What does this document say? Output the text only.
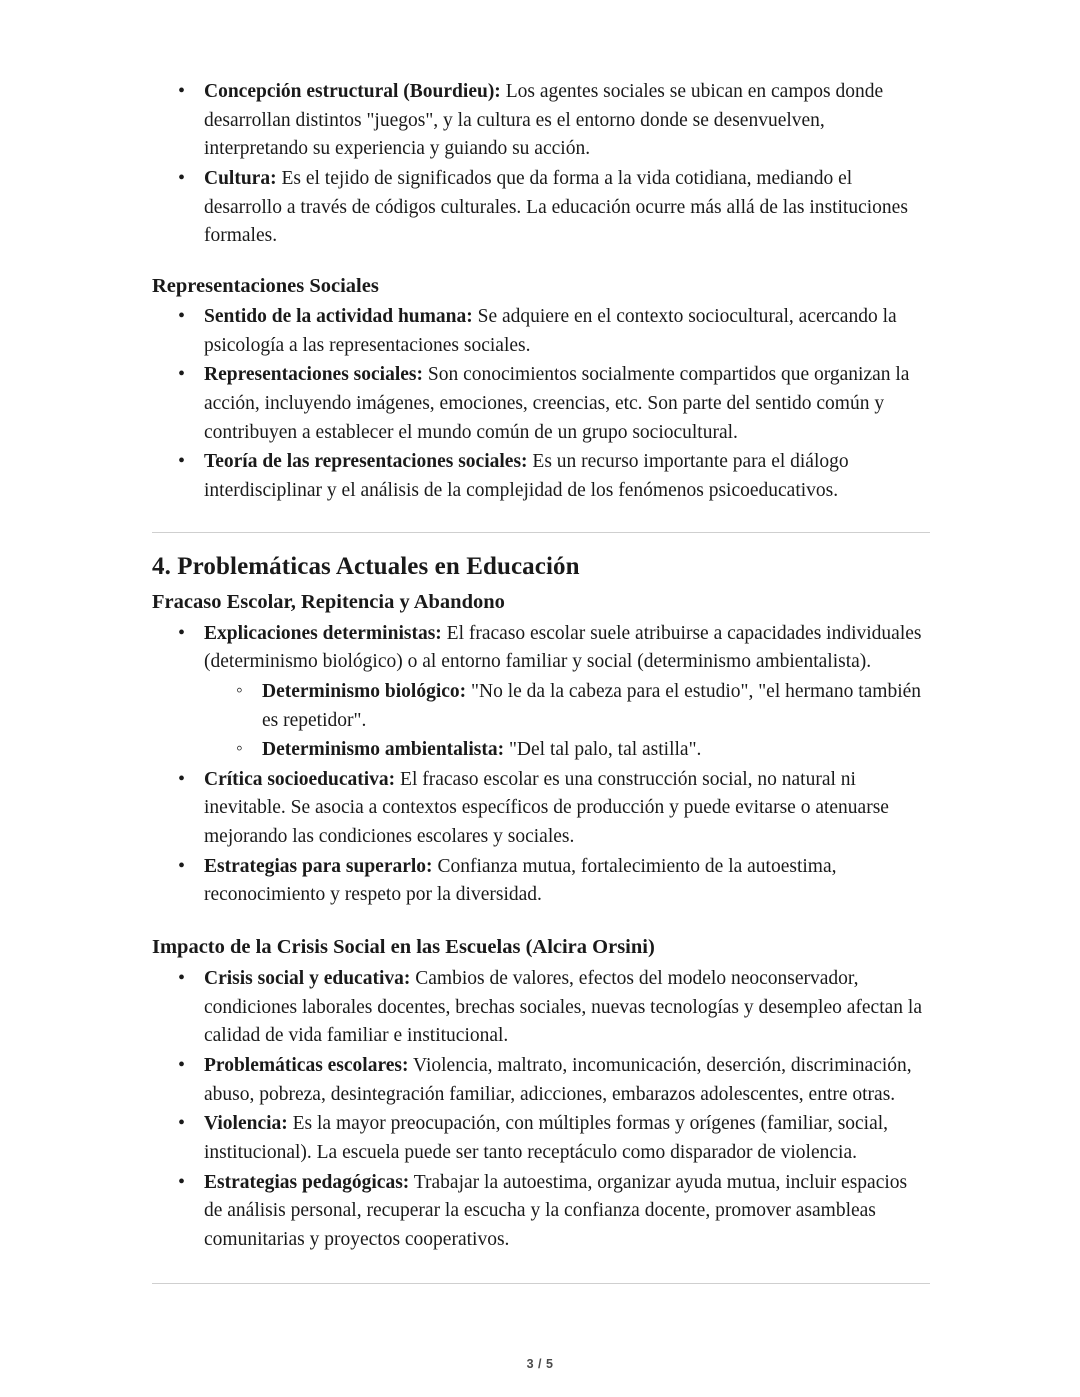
• Concepción estructural (Bourdieu): Los agentes sociales se ubican en campos donde desarrollan distintos "juegos", y la cultura es el entorno donde se desenvuelven, interpretando su experiencia y guiando su acción.
• Cultura: Es el tejido de significados que da forma a la vida cotidiana, mediando el desarrollo a través de códigos culturales. La educación ocurre más allá de las instituciones formales.
Representaciones Sociales
• Sentido de la actividad humana: Se adquiere en el contexto sociocultural, acercando la psicología a las representaciones sociales.
• Representaciones sociales: Son conocimientos socialmente compartidos que organizan la acción, incluyendo imágenes, emociones, creencias, etc. Son parte del sentido común y contribuyen a establecer el mundo común de un grupo sociocultural.
• Teoría de las representaciones sociales: Es un recurso importante para el diálogo interdisciplinar y el análisis de la complejidad de los fenómenos psicoeducativos.
4. Problemáticas Actuales en Educación
Fracaso Escolar, Repitencia y Abandono
• Explicaciones deterministas: El fracaso escolar suele atribuirse a capacidades individuales (determinismo biológico) o al entorno familiar y social (determinismo ambientalista).
◦ Determinismo biológico: "No le da la cabeza para el estudio", "el hermano también es repetidor".
◦ Determinismo ambientalista: "Del tal palo, tal astilla".
• Crítica socioeducativa: El fracaso escolar es una construcción social, no natural ni inevitable. Se asocia a contextos específicos de producción y puede evitarse o atenuarse mejorando las condiciones escolares y sociales.
• Estrategias para superarlo: Confianza mutua, fortalecimiento de la autoestima, reconocimiento y respeto por la diversidad.
Impacto de la Crisis Social en las Escuelas (Alcira Orsini)
• Crisis social y educativa: Cambios de valores, efectos del modelo neoconservador, condiciones laborales docentes, brechas sociales, nuevas tecnologías y desempleo afectan la calidad de vida familiar e institucional.
• Problemáticas escolares: Violencia, maltrato, incomunicación, deserción, discriminación, abuso, pobreza, desintegración familiar, adicciones, embarazos adolescentes, entre otras.
• Violencia: Es la mayor preocupación, con múltiples formas y orígenes (familiar, social, institucional). La escuela puede ser tanto receptáculo como disparador de violencia.
• Estrategias pedagógicas: Trabajar la autoestima, organizar ayuda mutua, incluir espacios de análisis personal, recuperar la escucha y la confianza docente, promover asambleas comunitarias y proyectos cooperativos.
3 / 5
